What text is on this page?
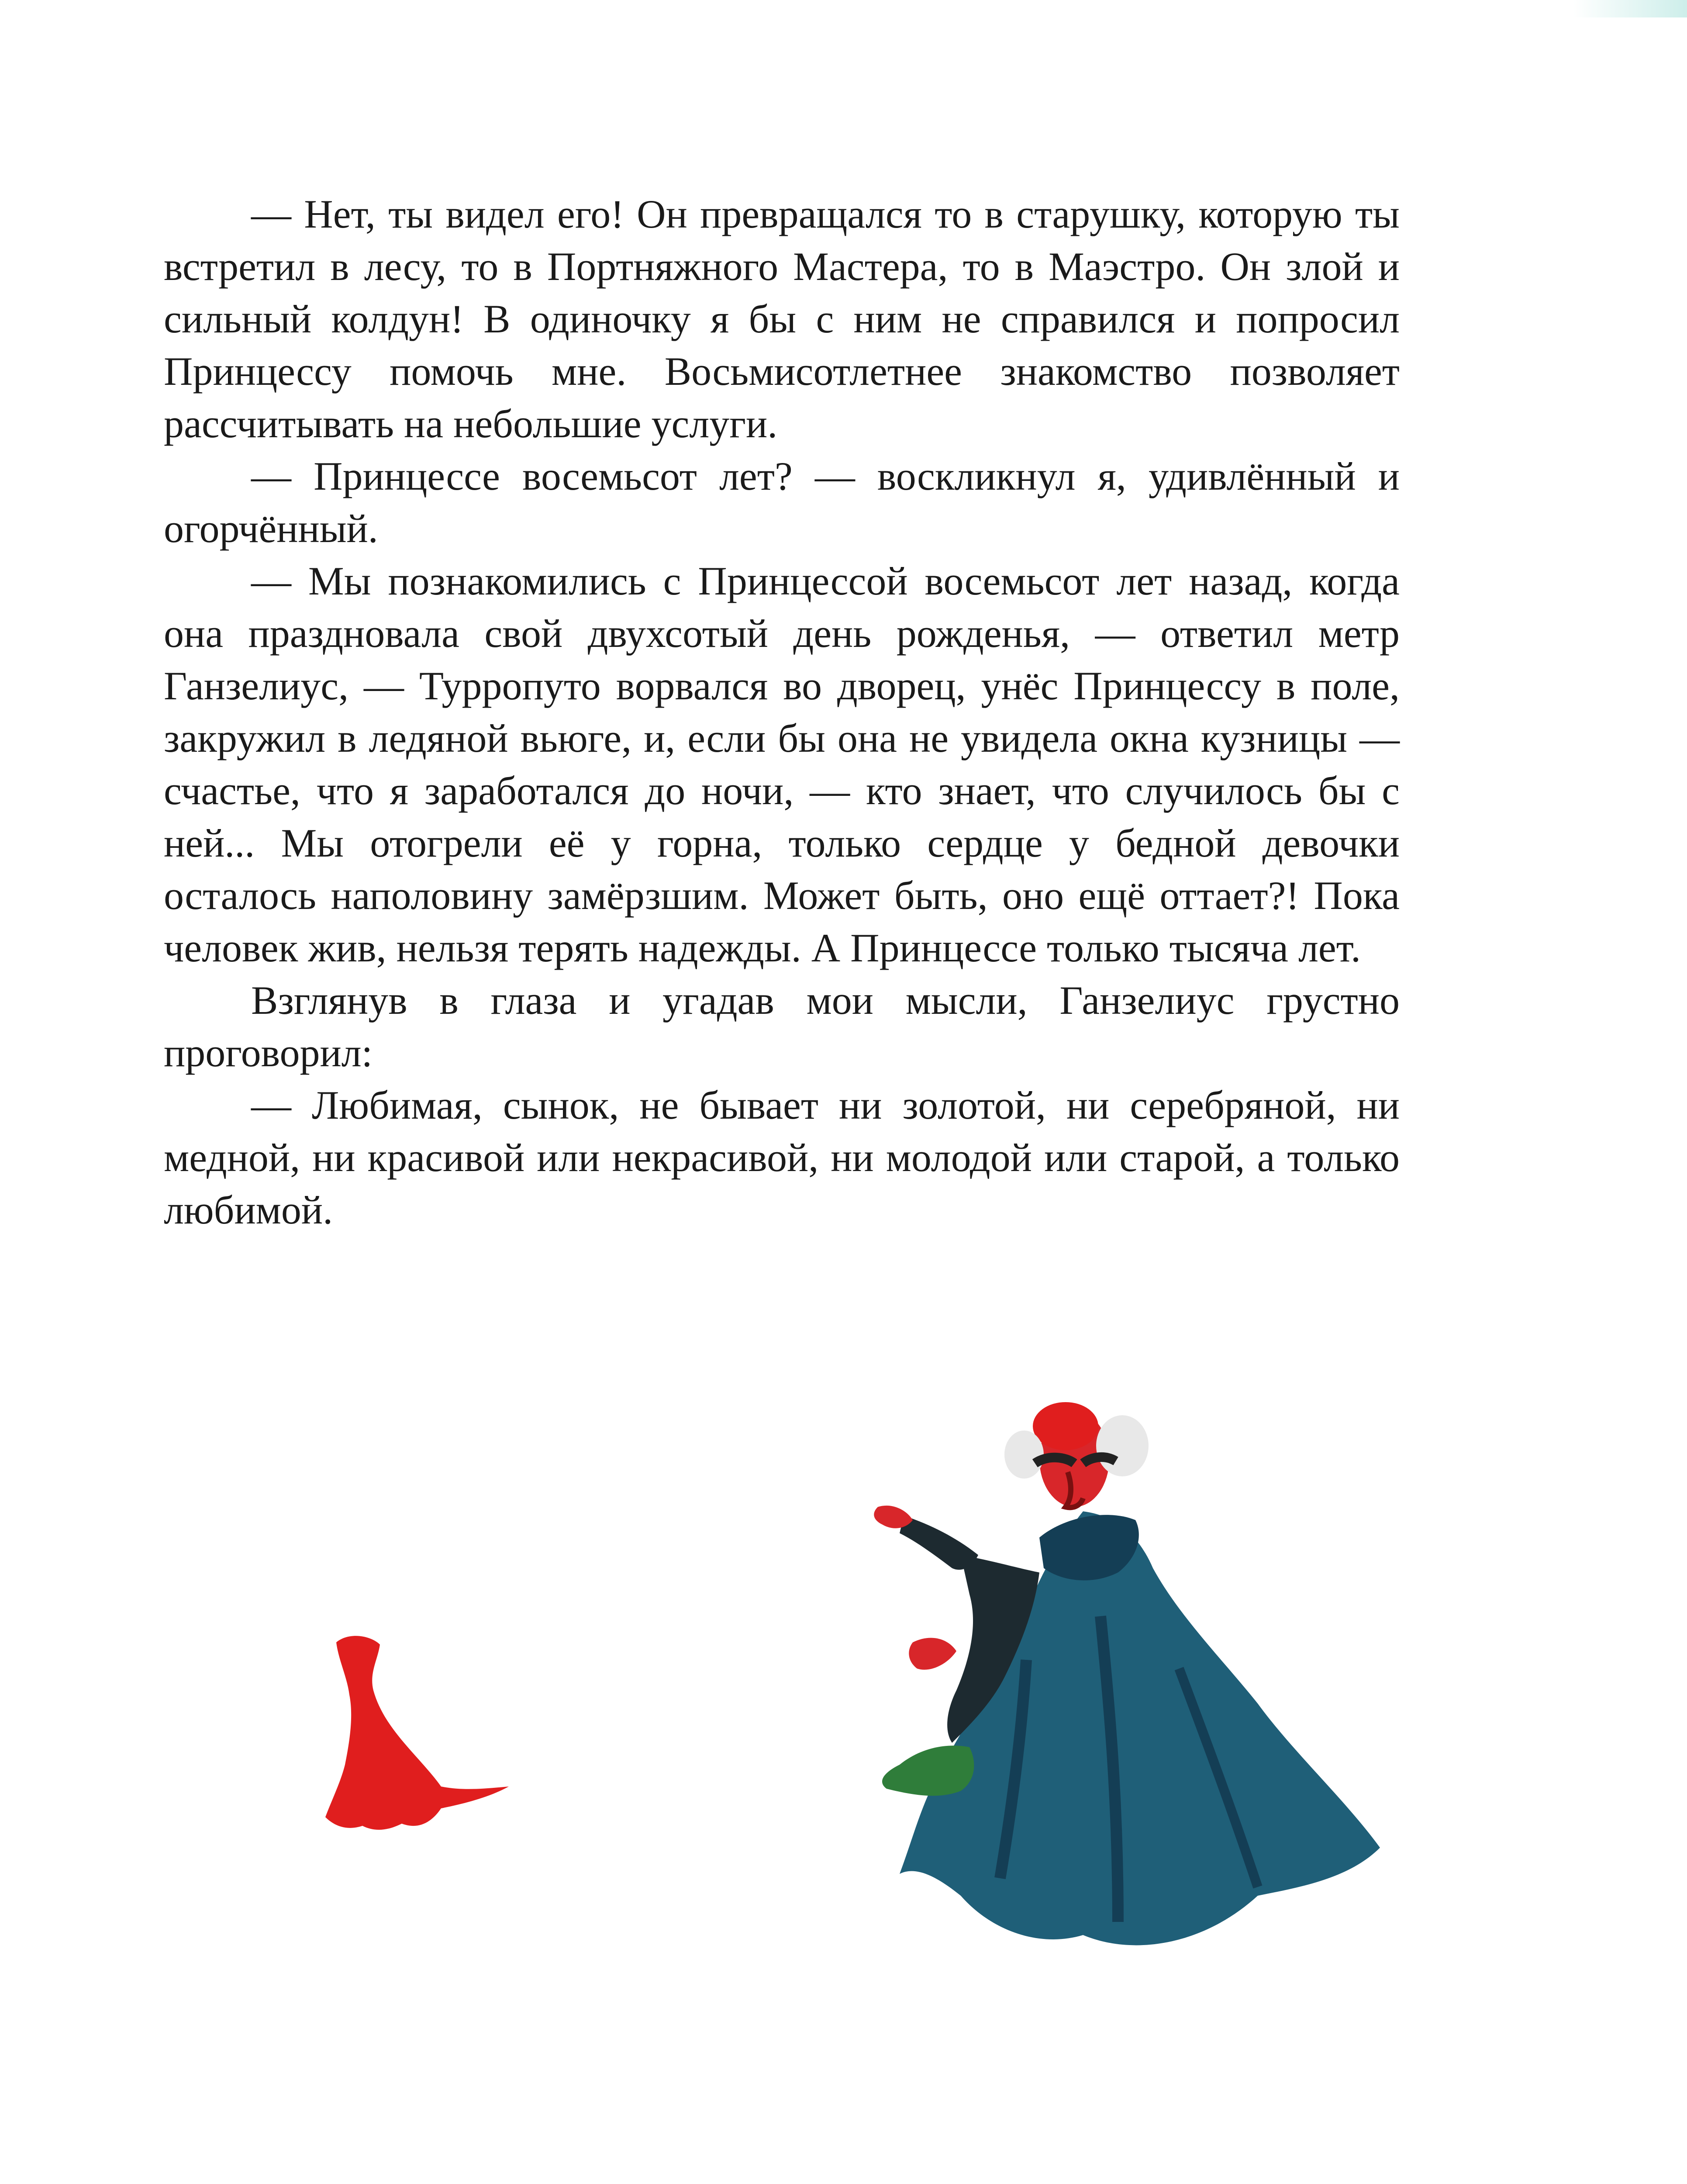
— Нет, ты видел его! Он превращался то в старушку, которую ты встретил в лесу, то в Портняжного Мастера, то в Маэстро. Он злой и сильный колдун! В одиночку я бы с ним не справился и попросил Принцессу помочь мне. Восьмисотлетнее знакомство позволяет рассчитывать на небольшие услуги.

— Принцессе восемьсот лет? — воскликнул я, удивлённый и огорчённый.

— Мы познакомились с Принцессой восемьсот лет назад, когда она праздновала свой двухсотый день рожденья, — ответил метр Ганзелиус, — Турропуто ворвался во дворец, унёс Принцессу в поле, закружил в ледяной вьюге, и, если бы она не увидела окна кузницы — счастье, что я заработался до ночи, — кто знает, что случилось бы с ней... Мы отогрели её у горна, только сердце у бедной девочки осталось наполовину замёрзшим. Может быть, оно ещё оттает?! Пока человек жив, нельзя терять надежды. А Принцессе только тысяча лет.

Взглянув в глаза и угадав мои мысли, Ганзелиус грустно проговорил:

— Любимая, сынок, не бывает ни золотой, ни серебряной, ни медной, ни красивой или некрасивой, ни молодой или старой, а только любимой.
